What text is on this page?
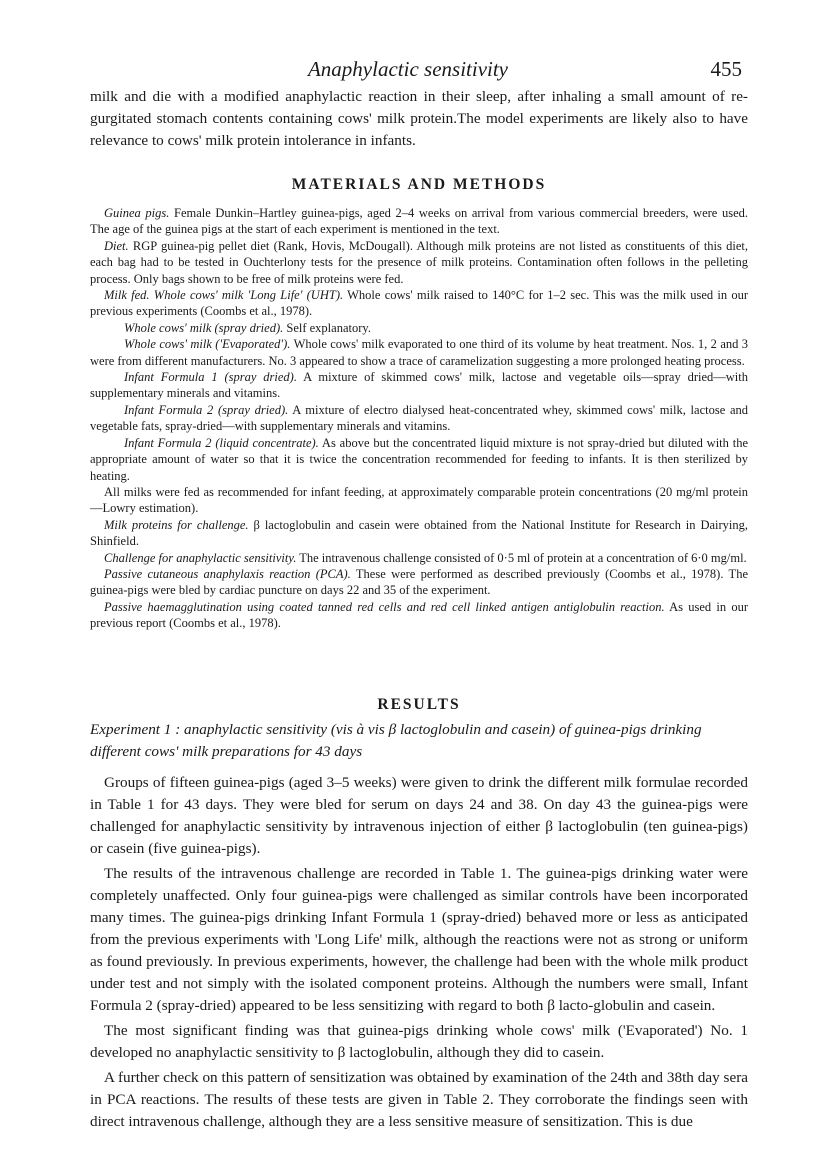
Anaphylactic sensitivity	455

milk and die with a modified anaphylactic reaction in their sleep, after inhaling a small amount of re-gurgitated stomach contents containing cows' milk protein.The model experiments are likely also to have relevance to cows' milk protein intolerance in infants.

MATERIALS AND METHODS

Guinea pigs. Female Dunkin–Hartley guinea-pigs, aged 2–4 weeks on arrival from various commercial breeders, were used. The age of the guinea pigs at the start of each experiment is mentioned in the text.

Diet. RGP guinea-pig pellet diet (Rank, Hovis, McDougall). Although milk proteins are not listed as constituents of this diet, each bag had to be tested in Ouchterlony tests for the presence of milk proteins. Contamination often follows in the pelleting process. Only bags shown to be free of milk proteins were fed.

Milk fed. Whole cows' milk 'Long Life' (UHT). Whole cows' milk raised to 140°C for 1–2 sec. This was the milk used in our previous experiments (Coombs et al., 1978).

Whole cows' milk (spray dried). Self explanatory.

Whole cows' milk ('Evaporated'). Whole cows' milk evaporated to one third of its volume by heat treatment. Nos. 1, 2 and 3 were from different manufacturers. No. 3 appeared to show a trace of caramelization suggesting a more prolonged heating process.

Infant Formula 1 (spray dried). A mixture of skimmed cows' milk, lactose and vegetable oils—spray dried—with supplementary minerals and vitamins.

Infant Formula 2 (spray dried). A mixture of electro dialysed heat-concentrated whey, skimmed cows' milk, lactose and vegetable fats, spray-dried—with supplementary minerals and vitamins.

Infant Formula 2 (liquid concentrate). As above but the concentrated liquid mixture is not spray-dried but diluted with the appropriate amount of water so that it is twice the concentration recommended for feeding to infants. It is then sterilized by heating.

All milks were fed as recommended for infant feeding, at approximately comparable protein concentrations (20 mg/ml protein—Lowry estimation).

Milk proteins for challenge. β lactoglobulin and casein were obtained from the National Institute for Research in Dairying, Shinfield.

Challenge for anaphylactic sensitivity. The intravenous challenge consisted of 0·5 ml of protein at a concentration of 6·0 mg/ml.

Passive cutaneous anaphylaxis reaction (PCA). These were performed as described previously (Coombs et al., 1978). The guinea-pigs were bled by cardiac puncture on days 22 and 35 of the experiment.

Passive haemagglutination using coated tanned red cells and red cell linked antigen antiglobulin reaction. As used in our previous report (Coombs et al., 1978).

RESULTS

Experiment 1 : anaphylactic sensitivity (vis à vis β lactoglobulin and casein) of guinea-pigs drinking different cows' milk preparations for 43 days

Groups of fifteen guinea-pigs (aged 3–5 weeks) were given to drink the different milk formulae recorded in Table 1 for 43 days. They were bled for serum on days 24 and 38. On day 43 the guinea-pigs were challenged for anaphylactic sensitivity by intravenous injection of either β lactoglobulin (ten guinea-pigs) or casein (five guinea-pigs).

The results of the intravenous challenge are recorded in Table 1. The guinea-pigs drinking water were completely unaffected. Only four guinea-pigs were challenged as similar controls have been incorporated many times. The guinea-pigs drinking Infant Formula 1 (spray-dried) behaved more or less as anticipated from the previous experiments with 'Long Life' milk, although the reactions were not as strong or uniform as found previously. In previous experiments, however, the challenge had been with the whole milk product under test and not simply with the isolated component proteins. Although the numbers were small, Infant Formula 2 (spray-dried) appeared to be less sensitizing with regard to both β lacto-globulin and casein.

The most significant finding was that guinea-pigs drinking whole cows' milk ('Evaporated') No. 1 developed no anaphylactic sensitivity to β lactoglobulin, although they did to casein.

A further check on this pattern of sensitization was obtained by examination of the 24th and 38th day sera in PCA reactions. The results of these tests are given in Table 2. They corroborate the findings seen with direct intravenous challenge, although they are a less sensitive measure of sensitization. This is due
